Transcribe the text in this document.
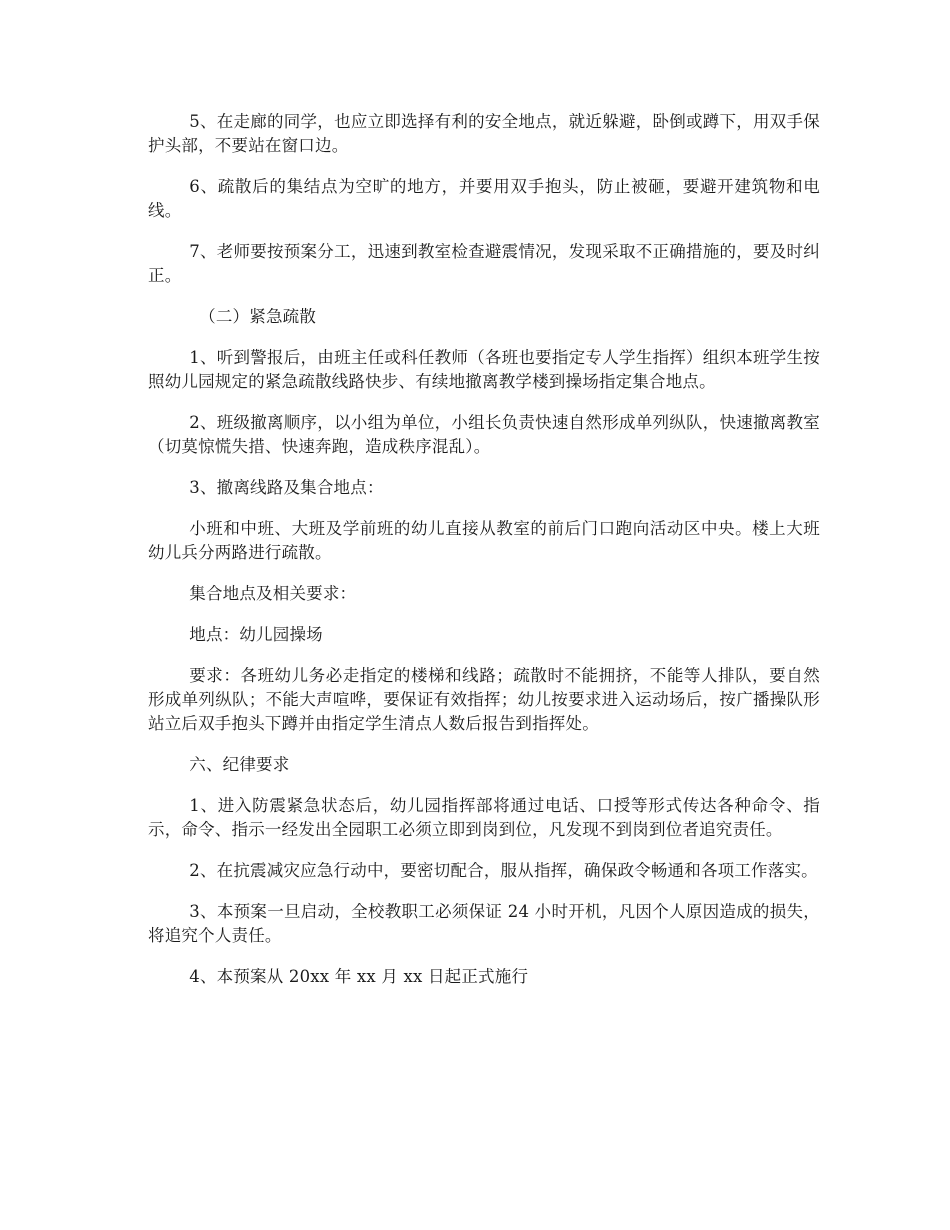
5、在走廊的同学，也应立即选择有利的安全地点，就近躲避，卧倒或蹲下，用双手保护头部，不要站在窗口边。

6、疏散后的集结点为空旷的地方，并要用双手抱头，防止被砸，要避开建筑物和电线。

7、老师要按预案分工，迅速到教室检查避震情况，发现采取不正确措施的，要及时纠正。

（二）紧急疏散

1、听到警报后，由班主任或科任教师（各班也要指定专人学生指挥）组织本班学生按照幼儿园规定的紧急疏散线路快步、有续地撤离教学楼到操场指定集合地点。

2、班级撤离顺序，以小组为单位，小组长负责快速自然形成单列纵队，快速撤离教室（切莫惊慌失措、快速奔跑，造成秩序混乱）。

3、撤离线路及集合地点：

小班和中班、大班及学前班的幼儿直接从教室的前后门口跑向活动区中央。楼上大班幼儿兵分两路进行疏散。

集合地点及相关要求：

地点：幼儿园操场

要求：各班幼儿务必走指定的楼梯和线路；疏散时不能拥挤，不能等人排队，要自然形成单列纵队；不能大声喧哗，要保证有效指挥；幼儿按要求进入运动场后，按广播操队形站立后双手抱头下蹲并由指定学生清点人数后报告到指挥处。

六、纪律要求

1、进入防震紧急状态后，幼儿园指挥部将通过电话、口授等形式传达各种命令、指示，命令、指示一经发出全园职工必须立即到岗到位，凡发现不到岗到位者追究责任。

2、在抗震减灾应急行动中，要密切配合，服从指挥，确保政令畅通和各项工作落实。

3、本预案一旦启动，全校教职工必须保证 24 小时开机，凡因个人原因造成的损失，将追究个人责任。

4、本预案从 20xx 年 xx 月 xx 日起正式施行
